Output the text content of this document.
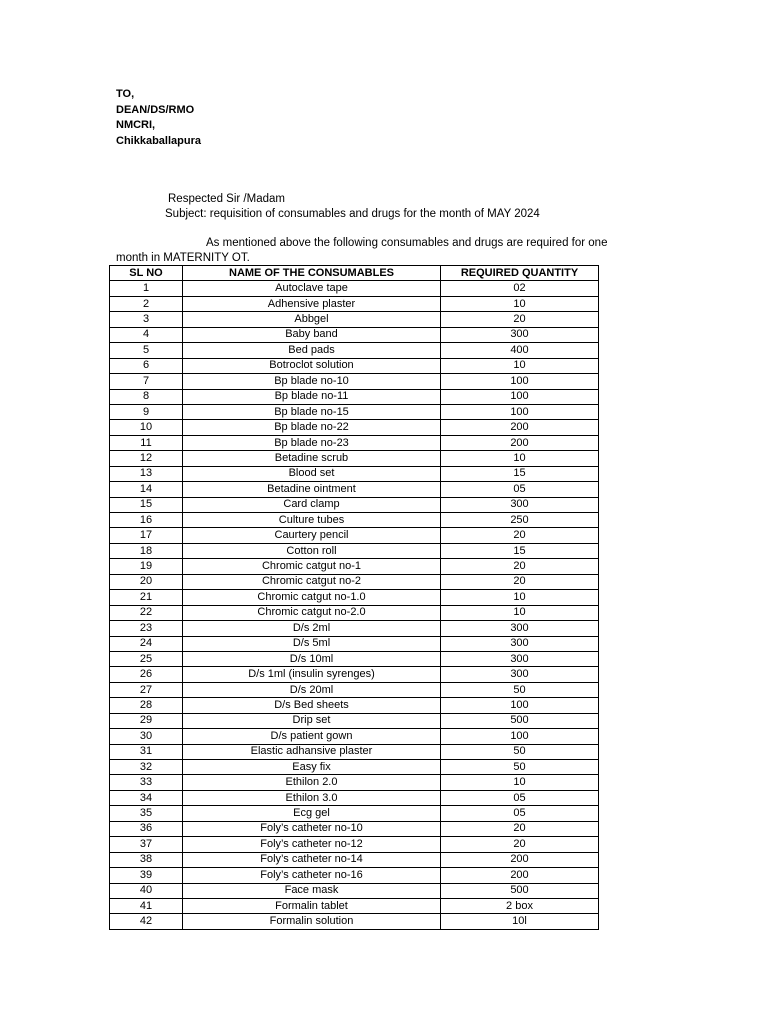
TO,
DEAN/DS/RMO
NMCRI,
Chikkaballapura
Respected Sir /Madam
Subject: requisition of consumables and drugs for the month of MAY 2024
As mentioned above the following consumables and drugs are required for one
month in MATERNITY OT.
SL NO	NAME OF THE CONSUMABLES	REQUIRED QUANTITY
1	Autoclave tape	02
2	Adhensive plaster	10
3	Abbgel	20
4	Baby band	300
5	Bed pads	400
6	Botroclot solution	10
7	Bp blade no-10	100
8	Bp blade no-11	100
9	Bp blade no-15	100
10	Bp blade no-22	200
11	Bp blade no-23	200
12	Betadine scrub	10
13	Blood set	15
14	Betadine ointment	05
15	Card clamp	300
16	Culture tubes	250
17	Caurtery pencil	20
18	Cotton roll	15
19	Chromic catgut no-1	20
20	Chromic catgut no-2	20
21	Chromic catgut no-1.0	10
22	Chromic catgut no-2.0	10
23	D/s 2ml	300
24	D/s 5ml	300
25	D/s 10ml	300
26	D/s 1ml (insulin syrenges)	300
27	D/s 20ml	50
28	D/s Bed sheets	100
29	Drip set	500
30	D/s patient gown	100
31	Elastic adhansive plaster	50
32	Easy fix	50
33	Ethilon 2.0	10
34	Ethilon 3.0	05
35	Ecg gel	05
36	Foly’s catheter no-10	20
37	Foly’s catheter no-12	20
38	Foly’s catheter no-14	200
39	Foly’s catheter no-16	200
40	Face mask	500
41	Formalin tablet	2 box
42	Formalin solution	10l
